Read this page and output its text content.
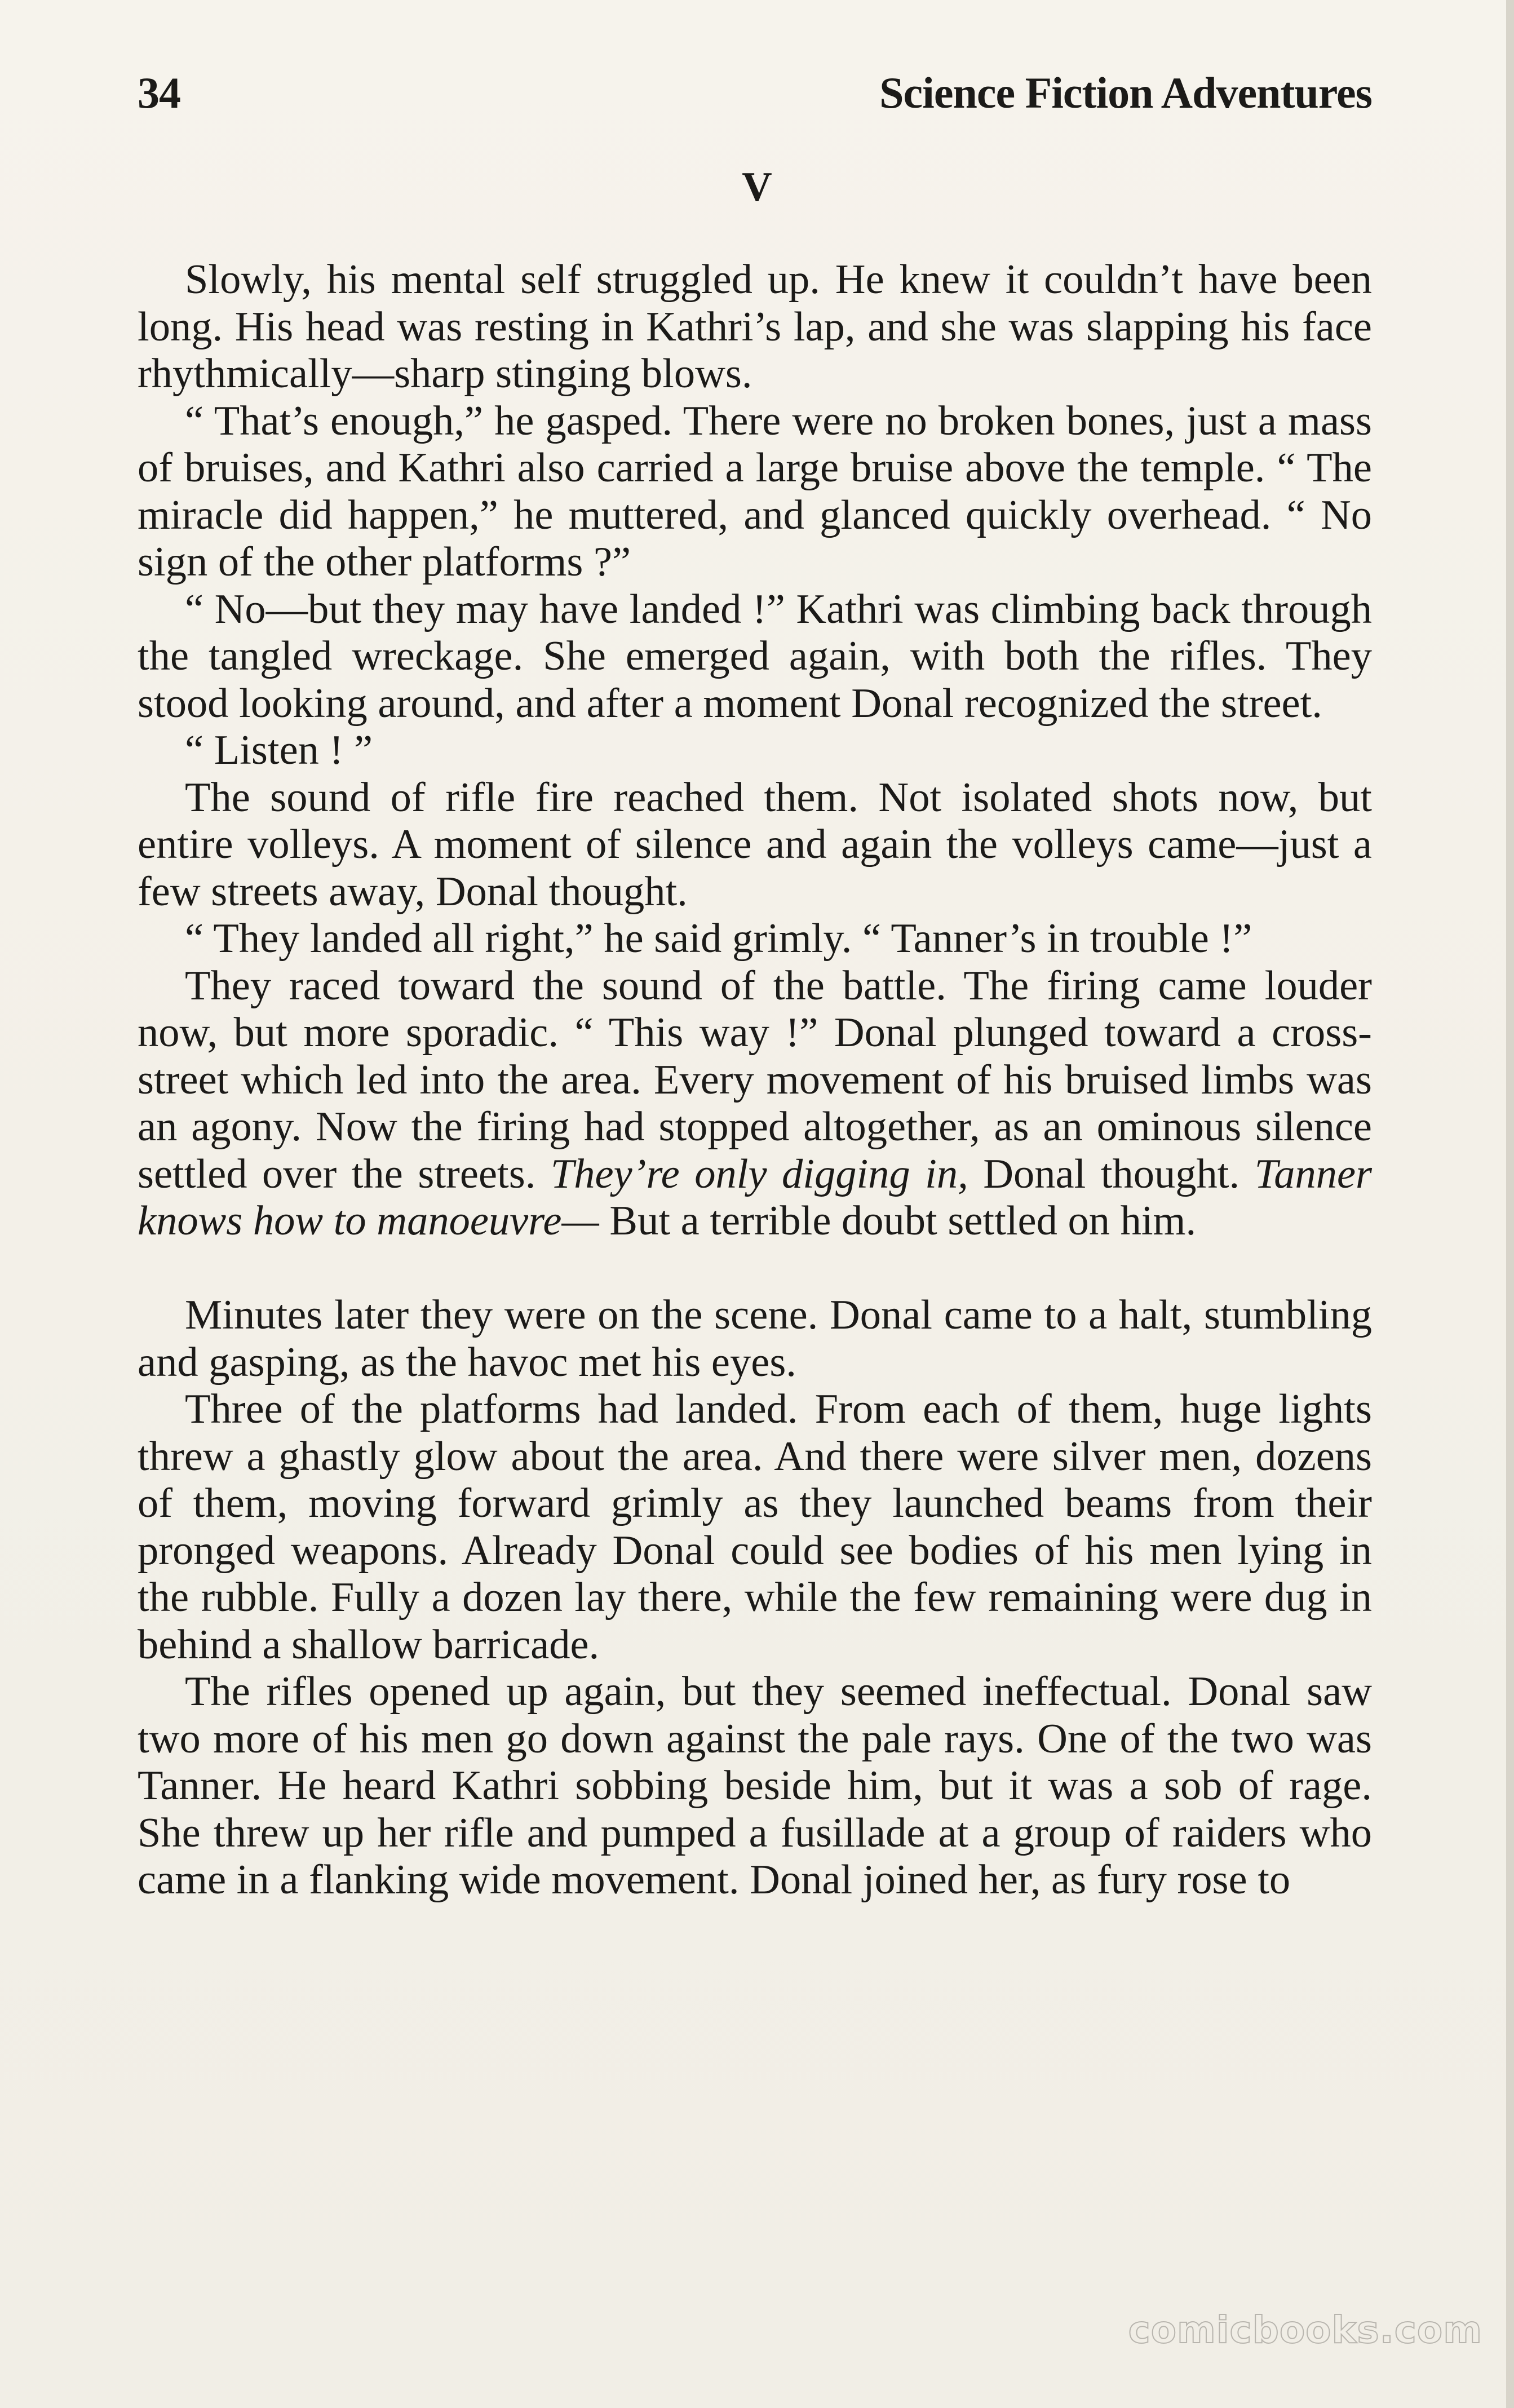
34	Science Fiction Adventures
V

Slowly, his mental self struggled up. He knew it couldn’t have been long. His head was resting in Kathri’s lap, and she was slapping his face rhythmically—sharp stinging blows.

“ That’s enough,” he gasped. There were no broken bones, just a mass of bruises, and Kathri also carried a large bruise above the temple. “ The miracle did happen,” he muttered, and glanced quickly overhead. “ No sign of the other platforms ?”

“ No—but they may have landed !” Kathri was climbing back through the tangled wreckage. She emerged again, with both the rifles. They stood looking around, and after a moment Donal recognized the street.

“ Listen ! ”

The sound of rifle fire reached them. Not isolated shots now, but entire volleys. A moment of silence and again the volleys came—just a few streets away, Donal thought.

“ They landed all right,” he said grimly. “ Tanner’s in trouble !”

They raced toward the sound of the battle. The firing came louder now, but more sporadic. “ This way !” Donal plunged toward a cross-street which led into the area. Every movement of his bruised limbs was an agony. Now the firing had stopped altogether, as an ominous silence settled over the streets. They’re only digging in, Donal thought. Tanner knows how to manoeuvre— But a terrible doubt settled on him.

Minutes later they were on the scene. Donal came to a halt, stumbling and gasping, as the havoc met his eyes.

Three of the platforms had landed. From each of them, huge lights threw a ghastly glow about the area. And there were silver men, dozens of them, moving forward grimly as they launched beams from their pronged weapons. Already Donal could see bodies of his men lying in the rubble. Fully a dozen lay there, while the few remaining were dug in behind a shallow barricade.

The rifles opened up again, but they seemed ineffectual. Donal saw two more of his men go down against the pale rays. One of the two was Tanner. He heard Kathri sobbing beside him, but it was a sob of rage. She threw up her rifle and pumped a fusillade at a group of raiders who came in a flanking wide movement. Donal joined her, as fury rose to

comicbooks.com
